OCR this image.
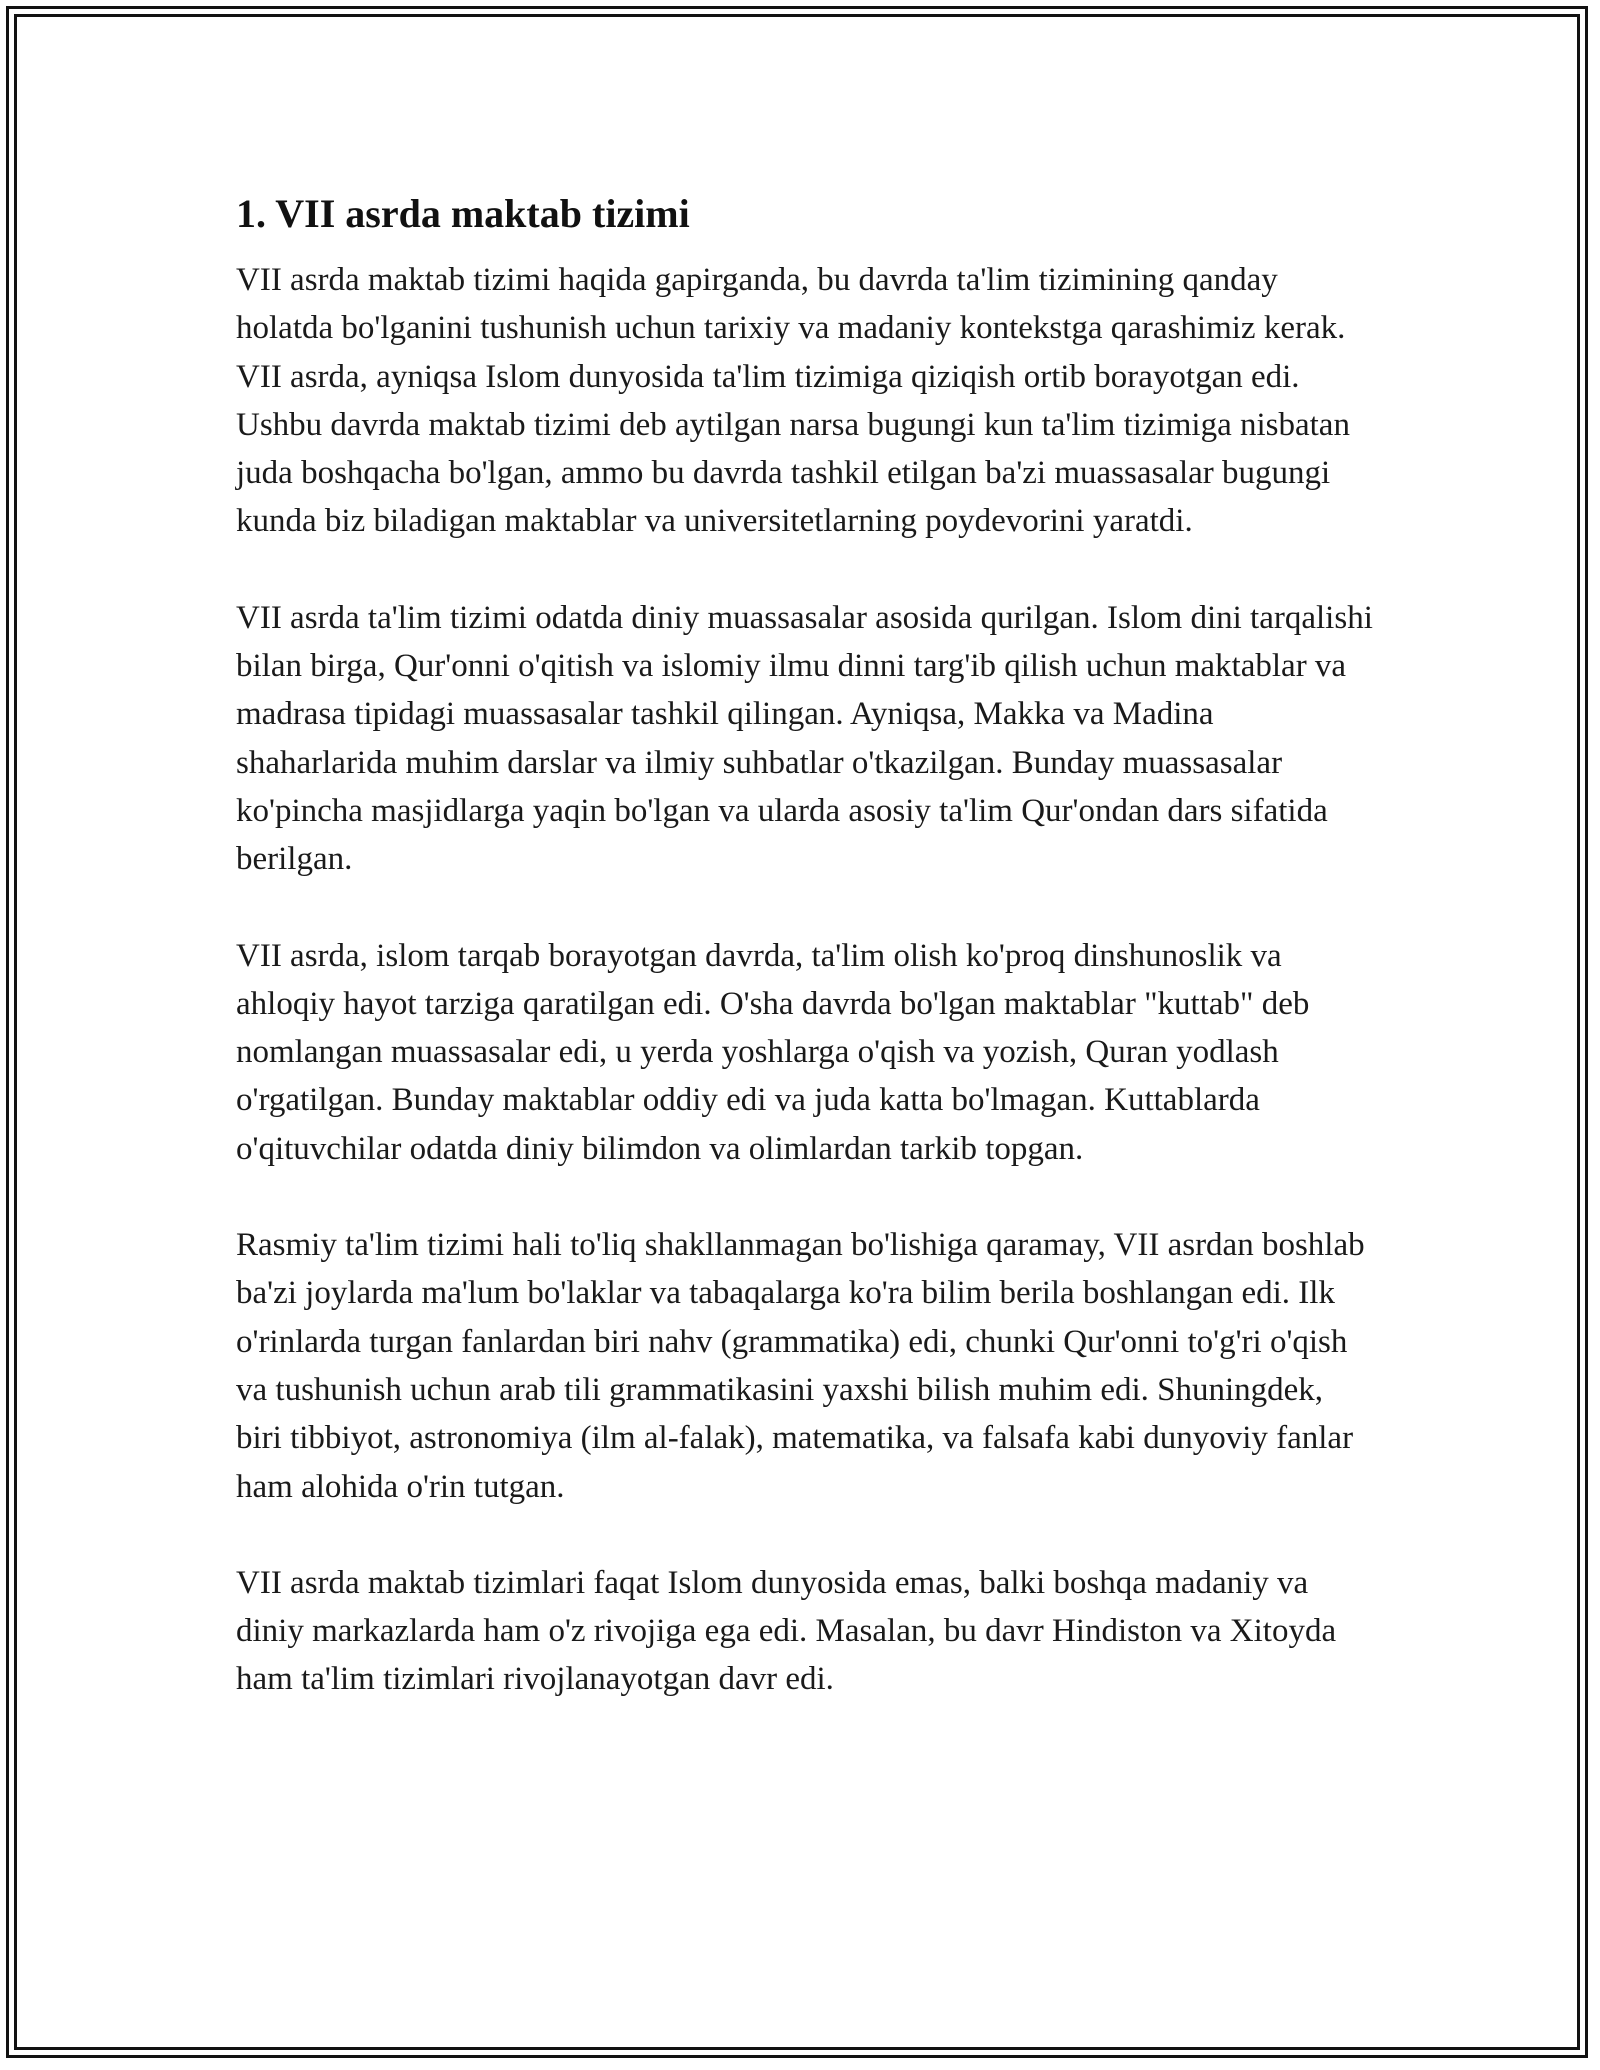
1. VII asrda maktab tizimi

VII asrda maktab tizimi haqida gapirganda, bu davrda ta'lim tizimining qanday holatda bo'lganini tushunish uchun tarixiy va madaniy kontekstga qarashimiz kerak. VII asrda, ayniqsa Islom dunyosida ta'lim tizimiga qiziqish ortib borayotgan edi. Ushbu davrda maktab tizimi deb aytilgan narsa bugungi kun ta'lim tizimiga nisbatan juda boshqacha bo'lgan, ammo bu davrda tashkil etilgan ba'zi muassasalar bugungi kunda biz biladigan maktablar va universitetlarning poydevorini yaratdi.

VII asrda ta'lim tizimi odatda diniy muassasalar asosida qurilgan. Islom dini tarqalishi bilan birga, Qur'onni o'qitish va islomiy ilmu dinni targ'ib qilish uchun maktablar va madrasa tipidagi muassasalar tashkil qilingan. Ayniqsa, Makka va Madina shaharlarida muhim darslar va ilmiy suhbatlar o'tkazilgan. Bunday muassasalar ko'pincha masjidlarga yaqin bo'lgan va ularda asosiy ta'lim Qur'ondan dars sifatida berilgan.

VII asrda, islom tarqab borayotgan davrda, ta'lim olish ko'proq dinshunoslik va ahloqiy hayot tarziga qaratilgan edi. O'sha davrda bo'lgan maktablar "kuttab" deb nomlangan muassasalar edi, u yerda yoshlarga o'qish va yozish, Quran yodlash o'rgatilgan. Bunday maktablar oddiy edi va juda katta bo'lmagan. Kuttablarda o'qituvchilar odatda diniy bilimdon va olimlardan tarkib topgan.

Rasmiy ta'lim tizimi hali to'liq shakllanmagan bo'lishiga qaramay, VII asrdan boshlab ba'zi joylarda ma'lum bo'laklar va tabaqalarga ko'ra bilim berila boshlangan edi. Ilk o'rinlarda turgan fanlardan biri nahv (grammatika) edi, chunki Qur'onni to'g'ri o'qish va tushunish uchun arab tili grammatikasini yaxshi bilish muhim edi. Shuningdek, biri tibbiyot, astronomiya (ilm al-falak), matematika, va falsafa kabi dunyoviy fanlar ham alohida o'rin tutgan.

VII asrda maktab tizimlari faqat Islom dunyosida emas, balki boshqa madaniy va diniy markazlarda ham o'z rivojiga ega edi. Masalan, bu davr Hindiston va Xitoyda ham ta'lim tizimlari rivojlanayotgan davr edi.
